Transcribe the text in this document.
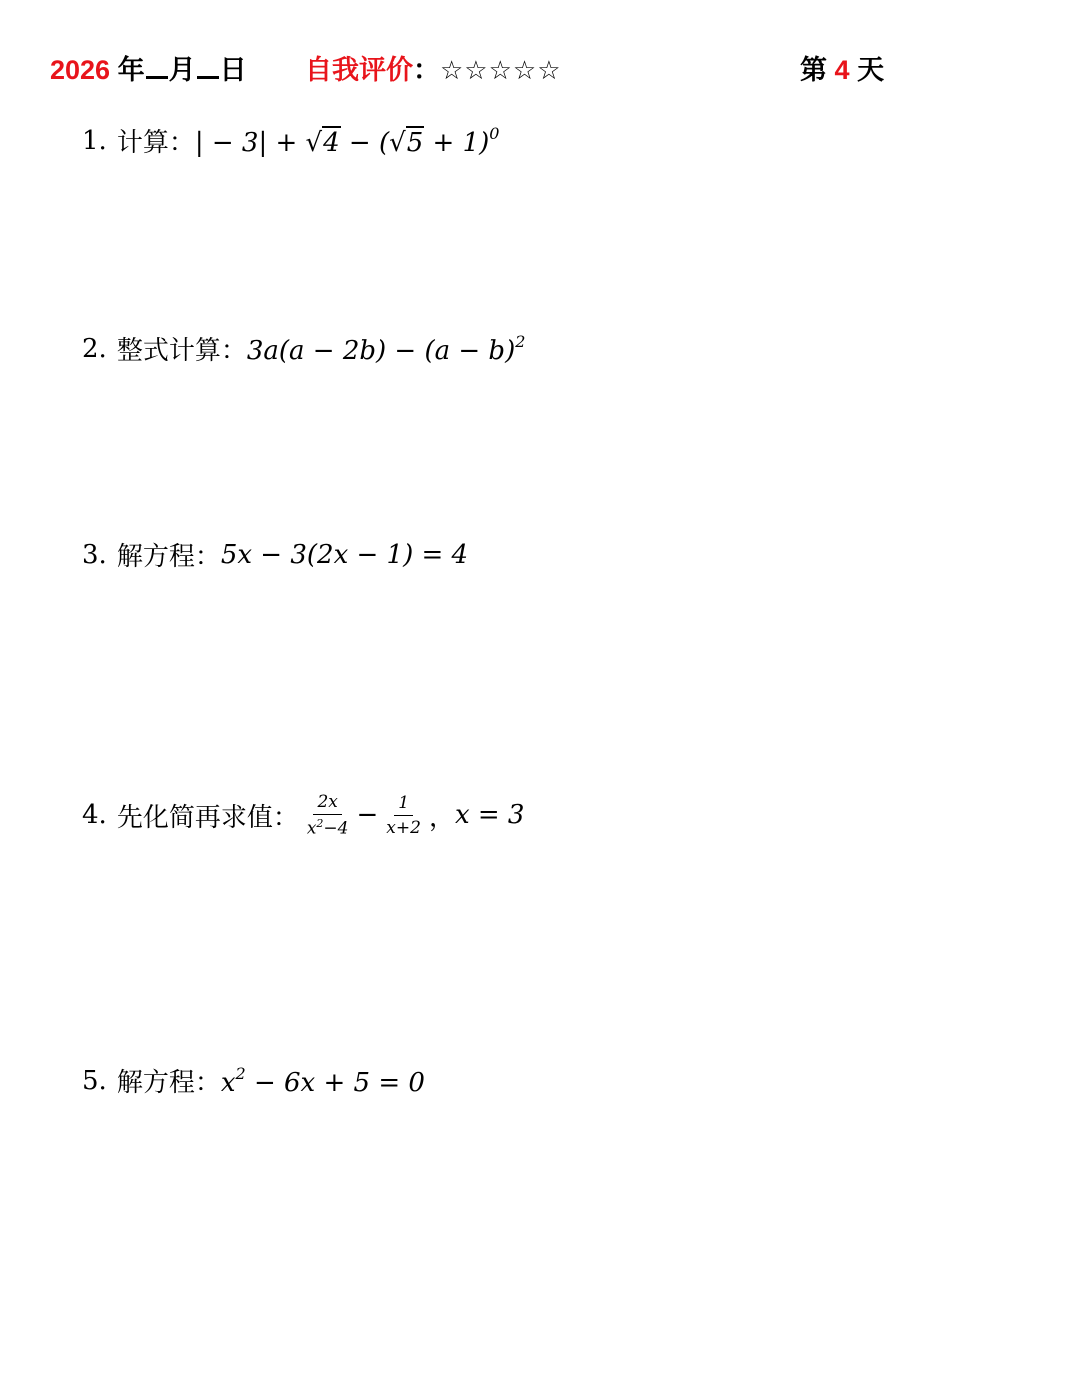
2026 年 月 日 自我评价：☆☆☆☆☆	第 4 天
1. 计算： | − $3| + √4 - (√5 + 1)^0$
2. 整式计算： $3a(a - 2b) - (a - b)^2$
3. 解方程： 5x − 3(2x − 1) = 4
4. 先化简再求值： $\frac{2x}{x^2-4} - \frac{1}{x+2}$ ， x = 3
5. 解方程： $x^2 - 6x + 5 = 0$
